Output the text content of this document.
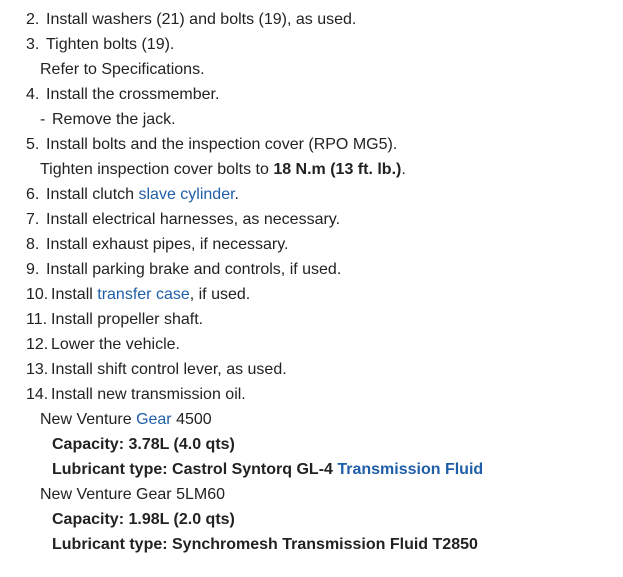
2. Install washers (21) and bolts (19), as used.
3. Tighten bolts (19).
Refer to Specifications.
4. Install the crossmember.
- Remove the jack.
5. Install bolts and the inspection cover (RPO MG5).
Tighten inspection cover bolts to 18 N.m (13 ft. lb.).
6. Install clutch slave cylinder.
7. Install electrical harnesses, as necessary.
8. Install exhaust pipes, if necessary.
9. Install parking brake and controls, if used.
10. Install transfer case, if used.
11. Install propeller shaft.
12. Lower the vehicle.
13. Install shift control lever, as used.
14. Install new transmission oil.
New Venture Gear 4500
Capacity: 3.78L (4.0 qts)
Lubricant type: Castrol Syntorq GL-4 Transmission Fluid
New Venture Gear 5LM60
Capacity: 1.98L (2.0 qts)
Lubricant type: Synchromesh Transmission Fluid T2850
